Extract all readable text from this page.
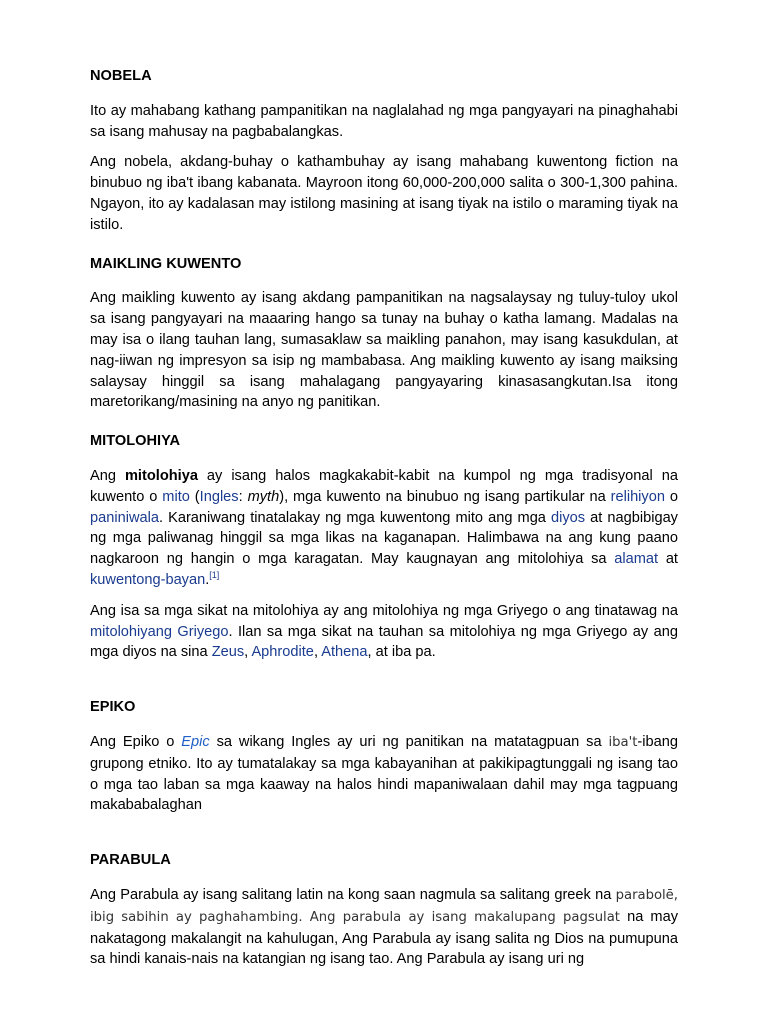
NOBELA

Ito ay mahabang kathang pampanitikan na naglalahad ng mga pangyayari na pinaghahabi sa isang mahusay na pagbabalangkas.

Ang nobela, akdang-buhay o kathambuhay ay isang mahabang kuwentong fiction na binubuo ng iba't ibang kabanata. Mayroon itong 60,000-200,000 salita o 300-1,300 pahina. Ngayon, ito ay kadalasan may istilong masining at isang tiyak na istilo o maraming tiyak na istilo.

MAIKLING KUWENTO

Ang maikling kuwento ay isang akdang pampanitikan na nagsalaysay ng tuluy-tuloy ukol sa isang pangyayari na maaaring hango sa tunay na buhay o katha lamang. Madalas na may isa o ilang tauhan lang, sumasaklaw sa maikling panahon, may isang kasukdulan, at nag-iiwan ng impresyon sa isip ng mambabasa. Ang maikling kuwento ay isang maiksing salaysay hinggil sa isang mahalagang pangyayaring kinasasangkutan.Isa itong maretorikang/masining na anyo ng panitikan.

MITOLOHIYA

Ang mitolohiya ay isang halos magkakabit-kabit na kumpol ng mga tradisyonal na kuwento o mito (Ingles: myth), mga kuwento na binubuo ng isang partikular na relihiyon o paniniwala. Karaniwang tinatalakay ng mga kuwentong mito ang mga diyos at nagbibigay ng mga paliwanag hinggil sa mga likas na kaganapan. Halimbawa na ang kung paano nagkaroon ng hangin o mga karagatan. May kaugnayan ang mitolohiya sa alamat at kuwentong-bayan.[1]

Ang isa sa mga sikat na mitolohiya ay ang mitolohiya ng mga Griyego o ang tinatawag na mitolohiyang Griyego. Ilan sa mga sikat na tauhan sa mitolohiya ng mga Griyego ay ang mga diyos na sina Zeus, Aphrodite, Athena, at iba pa.

EPIKO

Ang Epiko o Epic sa wikang Ingles ay uri ng panitikan na matatagpuan sa iba't-ibang grupong etniko. Ito ay tumatalakay sa mga kabayanihan at pakikipagtunggali ng isang tao o mga tao laban sa mga kaaway na halos hindi mapaniwalaan dahil may mga tagpuang makababalaghan

PARABULA

Ang Parabula ay isang salitang latin na kong saan nagmula sa salitang greek na parabolē, ibig sabihin ay paghahambing. Ang parabula ay isang makalupang pagsulat na may nakatagong makalangit na kahulugan, Ang Parabula ay isang salita ng Dios na pumupuna sa hindi kanais-nais na katangian ng isang tao. Ang Parabula ay isang uri ng
